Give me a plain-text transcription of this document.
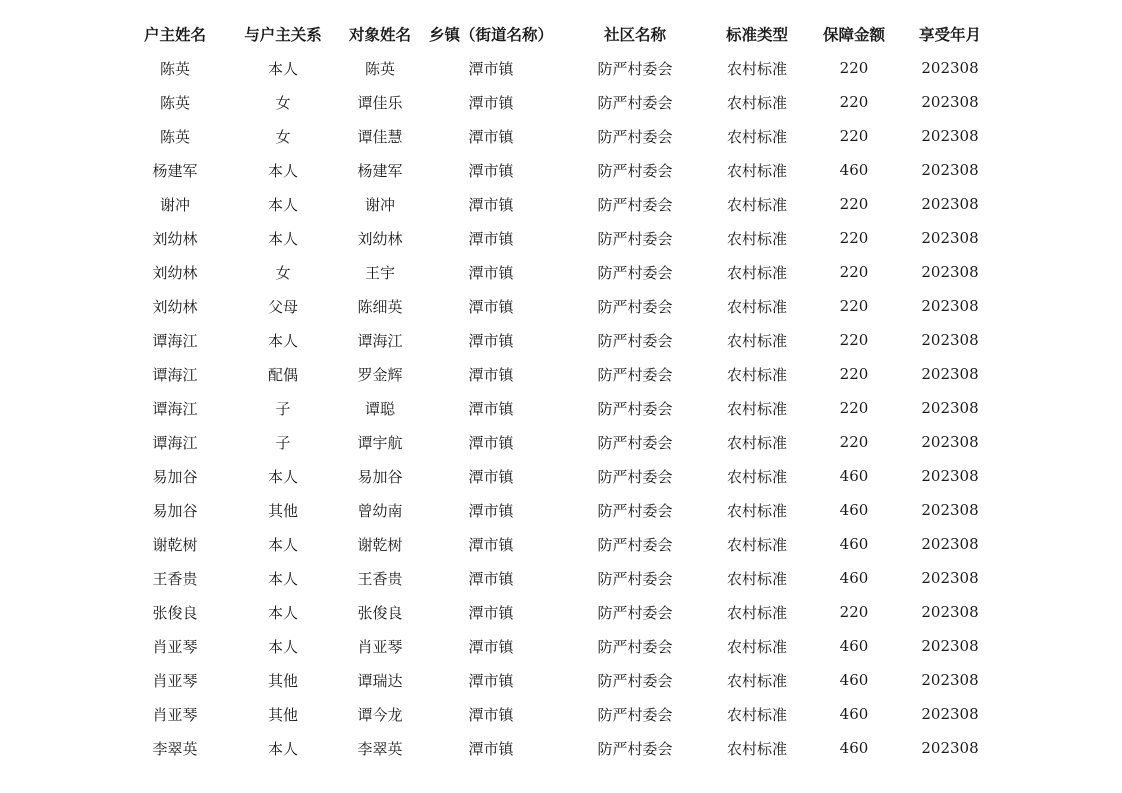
户主姓名	与户主关系	对象姓名	乡镇（街道名称）	社区名称	标准类型	保障金额	享受年月
陈英	本人	陈英	潭市镇	防严村委会	农村标准	220	202308
陈英	女	谭佳乐	潭市镇	防严村委会	农村标准	220	202308
陈英	女	谭佳慧	潭市镇	防严村委会	农村标准	220	202308
杨建军	本人	杨建军	潭市镇	防严村委会	农村标准	460	202308
谢冲	本人	谢冲	潭市镇	防严村委会	农村标准	220	202308
刘幼林	本人	刘幼林	潭市镇	防严村委会	农村标准	220	202308
刘幼林	女	王宇	潭市镇	防严村委会	农村标准	220	202308
刘幼林	父母	陈细英	潭市镇	防严村委会	农村标准	220	202308
谭海江	本人	谭海江	潭市镇	防严村委会	农村标准	220	202308
谭海江	配偶	罗金辉	潭市镇	防严村委会	农村标准	220	202308
谭海江	子	谭聪	潭市镇	防严村委会	农村标准	220	202308
谭海江	子	谭宇航	潭市镇	防严村委会	农村标准	220	202308
易加谷	本人	易加谷	潭市镇	防严村委会	农村标准	460	202308
易加谷	其他	曾幼南	潭市镇	防严村委会	农村标准	460	202308
谢乾树	本人	谢乾树	潭市镇	防严村委会	农村标准	460	202308
王香贵	本人	王香贵	潭市镇	防严村委会	农村标准	460	202308
张俊良	本人	张俊良	潭市镇	防严村委会	农村标准	220	202308
肖亚琴	本人	肖亚琴	潭市镇	防严村委会	农村标准	460	202308
肖亚琴	其他	谭瑞达	潭市镇	防严村委会	农村标准	460	202308
肖亚琴	其他	谭今龙	潭市镇	防严村委会	农村标准	460	202308
李翠英	本人	李翠英	潭市镇	防严村委会	农村标准	460	202308
